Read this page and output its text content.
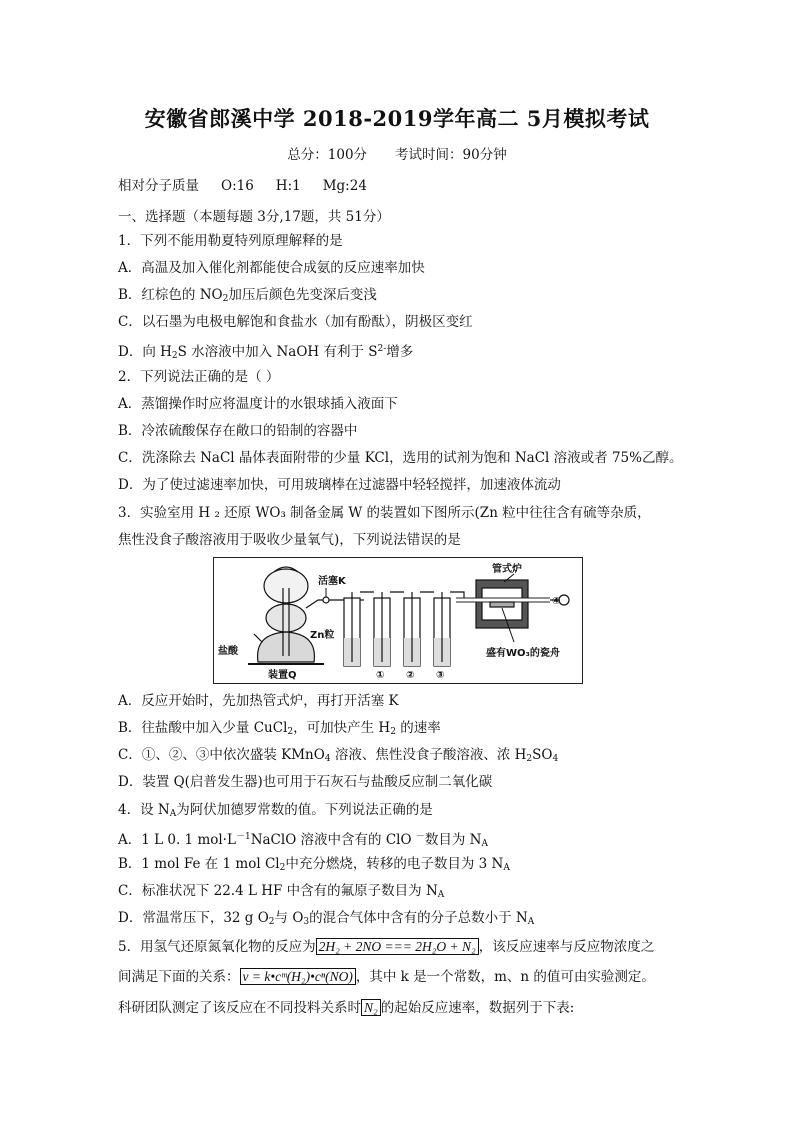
安徽省郎溪中学 2018-2019学年高二 5月模拟考试
总分：100分 考试时间：90分钟
相对分子质量 O:16 H:1 Mg:24
一、选择题（本题每题 3分,17题，共 51分）
1．下列不能用勒夏特列原理解释的是
A．高温及加入催化剂都能使合成氨的反应速率加快
B．红棕色的 $NO_2$加压后颜色先变深后变浅
C．以石墨为电极电解饱和食盐水（加有酚酞），阴极区变红
D．向 $H_2S$ 水溶液中加入 NaOH 有利于 $S^{2-}$增多
2．下列说法正确的是（ ）
A．蒸馏操作时应将温度计的水银球插入液面下
B．冷浓硫酸保存在敞口的铅制的容器中
C．洗涤除去 NaCl 晶体表面附带的少量 KCl，选用的试剂为饱和 NaCl 溶液或者 75%乙醇。
D．为了使过滤速率加快，可用玻璃棒在过滤器中轻轻搅拌，加速液体流动
3．实验室用 H ₂ 还原 WO₃ 制备金属 W 的装置如下图所示(Zn 粒中往往含有硫等杂质，
焦性没食子酸溶液用于吸收少量氧气)，下列说法错误的是
活塞K
Zn粒
盐酸
装置Q
管式炉
盛有WO₃的瓷舟
① ② ③
④
A．反应开始时，先加热管式炉，再打开活塞 K
B．往盐酸中加入少量 CuCl$_2$，可加快产生 $H_2$ 的速率
C．①、②、③中依次盛装 KMnO$_4$ 溶液、焦性没食子酸溶液、浓 $H_2SO_4$
D．装置 Q(启普发生器)也可用于石灰石与盐酸反应制二氧化碳
4．设 $N_A$为阿伏加德罗常数的值。下列说法正确的是
A．1 L 0. 1 $mol\cdot L^{-1}NaClO$ 溶液中含有的 ClO －数目为 $N_A$
B．1 mol Fe 在 1 mol $Cl_2$中充分燃烧，转移的电子数目为 3 $N_A$
C．标准状况下 22.4 L HF 中含有的氟原子数目为 $N_A$
D．常温常压下，32 g $O_2$与 $O_3$的混合气体中含有的分子总数小于 $N_A$
5．用氢气还原氮氧化物的反应为 2H₂ + 2NO === 2H₂O + N₂ ，该反应速率与反应物浓度之
间满足下面的关系： v = k•cᵐ(H₂)•cⁿ(NO) ，其中 k 是一个常数，m、n 的值可由实验测定。
科研团队测定了该反应在不同投料关系时 N₂ 的起始反应速率，数据列于下表:
